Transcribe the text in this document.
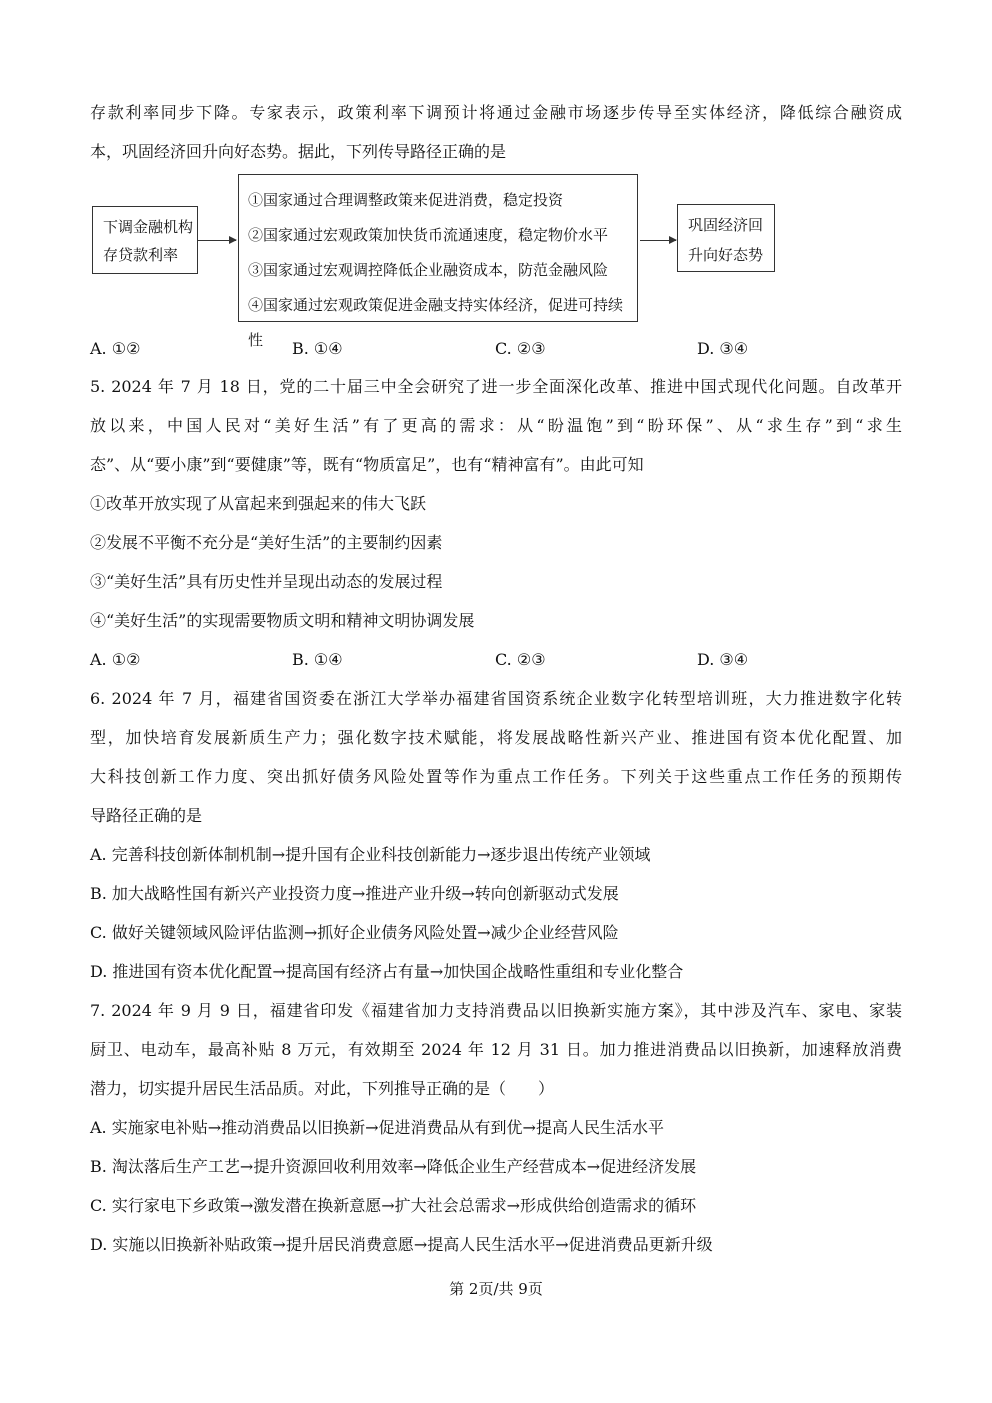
存款利率同步下降。专家表示，政策利率下调预计将通过金融市场逐步传导至实体经济，降低综合融资成
本，巩固经济回升向好态势。据此，下列传导路径正确的是
下调金融机构
存贷款利率
①国家通过合理调整政策来促进消费，稳定投资
②国家通过宏观政策加快货币流通速度，稳定物价水平
③国家通过宏观调控降低企业融资成本，防范金融风险
④国家通过宏观政策促进金融支持实体经济，促进可持续性
巩固经济回
升向好态势
A. ①②	B. ①④	C. ②③	D. ③④
5. 2024 年 7 月 18 日，党的二十届三中全会研究了进一步全面深化改革、推进中国式现代化问题。自改革开
放以来，中国人民对“美好生活”有了更高的需求：从“盼温饱”到“盼环保”、从“求生存”到“求生
态”、从“要小康”到“要健康”等，既有“物质富足”，也有“精神富有”。由此可知
①改革开放实现了从富起来到强起来的伟大飞跃
②发展不平衡不充分是“美好生活”的主要制约因素
③“美好生活”具有历史性并呈现出动态的发展过程
④“美好生活”的实现需要物质文明和精神文明协调发展
A. ①②	B. ①④	C. ②③	D. ③④
6. 2024 年 7 月，福建省国资委在浙江大学举办福建省国资系统企业数字化转型培训班，大力推进数字化转
型，加快培育发展新质生产力；强化数字技术赋能，将发展战略性新兴产业、推进国有资本优化配置、加
大科技创新工作力度、突出抓好债务风险处置等作为重点工作任务。下列关于这些重点工作任务的预期传
导路径正确的是
A. 完善科技创新体制机制→提升国有企业科技创新能力→逐步退出传统产业领域
B. 加大战略性国有新兴产业投资力度→推进产业升级→转向创新驱动式发展
C. 做好关键领域风险评估监测→抓好企业债务风险处置→减少企业经营风险
D. 推进国有资本优化配置→提高国有经济占有量→加快国企战略性重组和专业化整合
7. 2024 年 9 月 9 日，福建省印发《福建省加力支持消费品以旧换新实施方案》，其中涉及汽车、家电、家装
厨卫、电动车，最高补贴 8 万元，有效期至 2024 年 12 月 31 日。加力推进消费品以旧换新，加速释放消费
潜力，切实提升居民生活品质。对此，下列推导正确的是（　　）
A. 实施家电补贴→推动消费品以旧换新→促进消费品从有到优→提高人民生活水平
B. 淘汰落后生产工艺→提升资源回收利用效率→降低企业生产经营成本→促进经济发展
C. 实行家电下乡政策→激发潜在换新意愿→扩大社会总需求→形成供给创造需求的循环
D. 实施以旧换新补贴政策→提升居民消费意愿→提高人民生活水平→促进消费品更新升级
第 2页/共 9页
